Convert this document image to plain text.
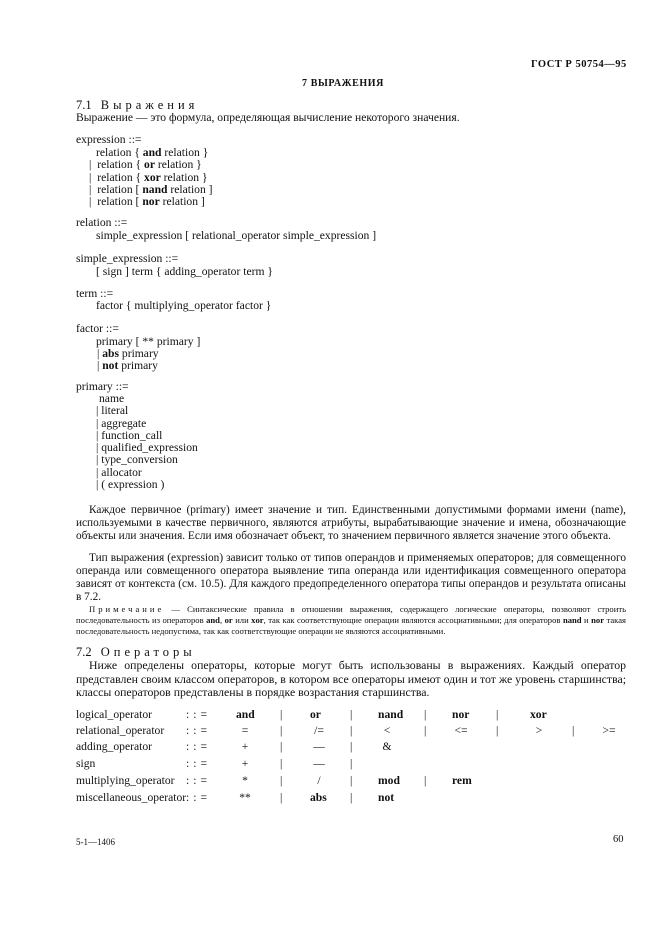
ГОСТ Р 50754—95
7 ВЫРАЖЕНИЯ
7.1 Выражения
Выражение — это формула, определяющая вычисление некоторого значения.
expression ::=
relation { and relation }
| relation { or relation }
| relation { xor relation }
| relation [ nand relation ]
| relation [ nor relation ]
relation ::=
simple_expression [ relational_operator simple_expression ]
simple_expression ::=
[ sign ] term { adding_operator term }
term ::=
factor { multiplying_operator factor }
factor ::=
primary [ ** primary ]
| abs primary
| not primary
primary ::=
name
| literal
| aggregate
| function_call
| qualified_expression
| type_conversion
| allocator
| ( expression )
Каждое первичное (primary) имеет значение и тип. Единственными допустимыми формами имени (name), используемыми в качестве первичного, являются атрибуты, вырабатывающие значение и имена, обозначающие объекты или значения. Если имя обозначает объект, то значением первичного является значение этого объекта.
Тип выражения (expression) зависит только от типов операндов и применяемых операторов; для совмещенного операнда или совмещенного оператора выявление типа операнда или идентификация совмещенного оператора зависят от контекста (см. 10.5). Для каждого предопределенного оператора типы операндов и результата описаны в 7.2.
Примечание — Синтаксические правила в отношении выражения, содержащего логические операторы, позволяют строить последовательность из операторов and, or или xor, так как соответствующие операции являются ассоциативными; для операторов nand и nor такая последовательность недопустима, так как соответствующие операции не являются ассоциативными.
7.2 Операторы
Ниже определены операторы, которые могут быть использованы в выражениях. Каждый оператор представлен своим классом операторов, в котором все операторы имеют один и тот же уровень старшинства; классы операторов представлены в порядке возрастания старшинства.
logical_operator	::= and | or	| nand | nor |	xor
relational_operator ::=	=	|	/= |	<	| <= |	>	| >=
adding_operator	::=	+	|	— |	&
sign	::=	+	|	— |
multiplying_operator ::=	*	|	/	| mod | rem
miscellaneous_operator ::= **	| abs | not
5-1—1406	60
